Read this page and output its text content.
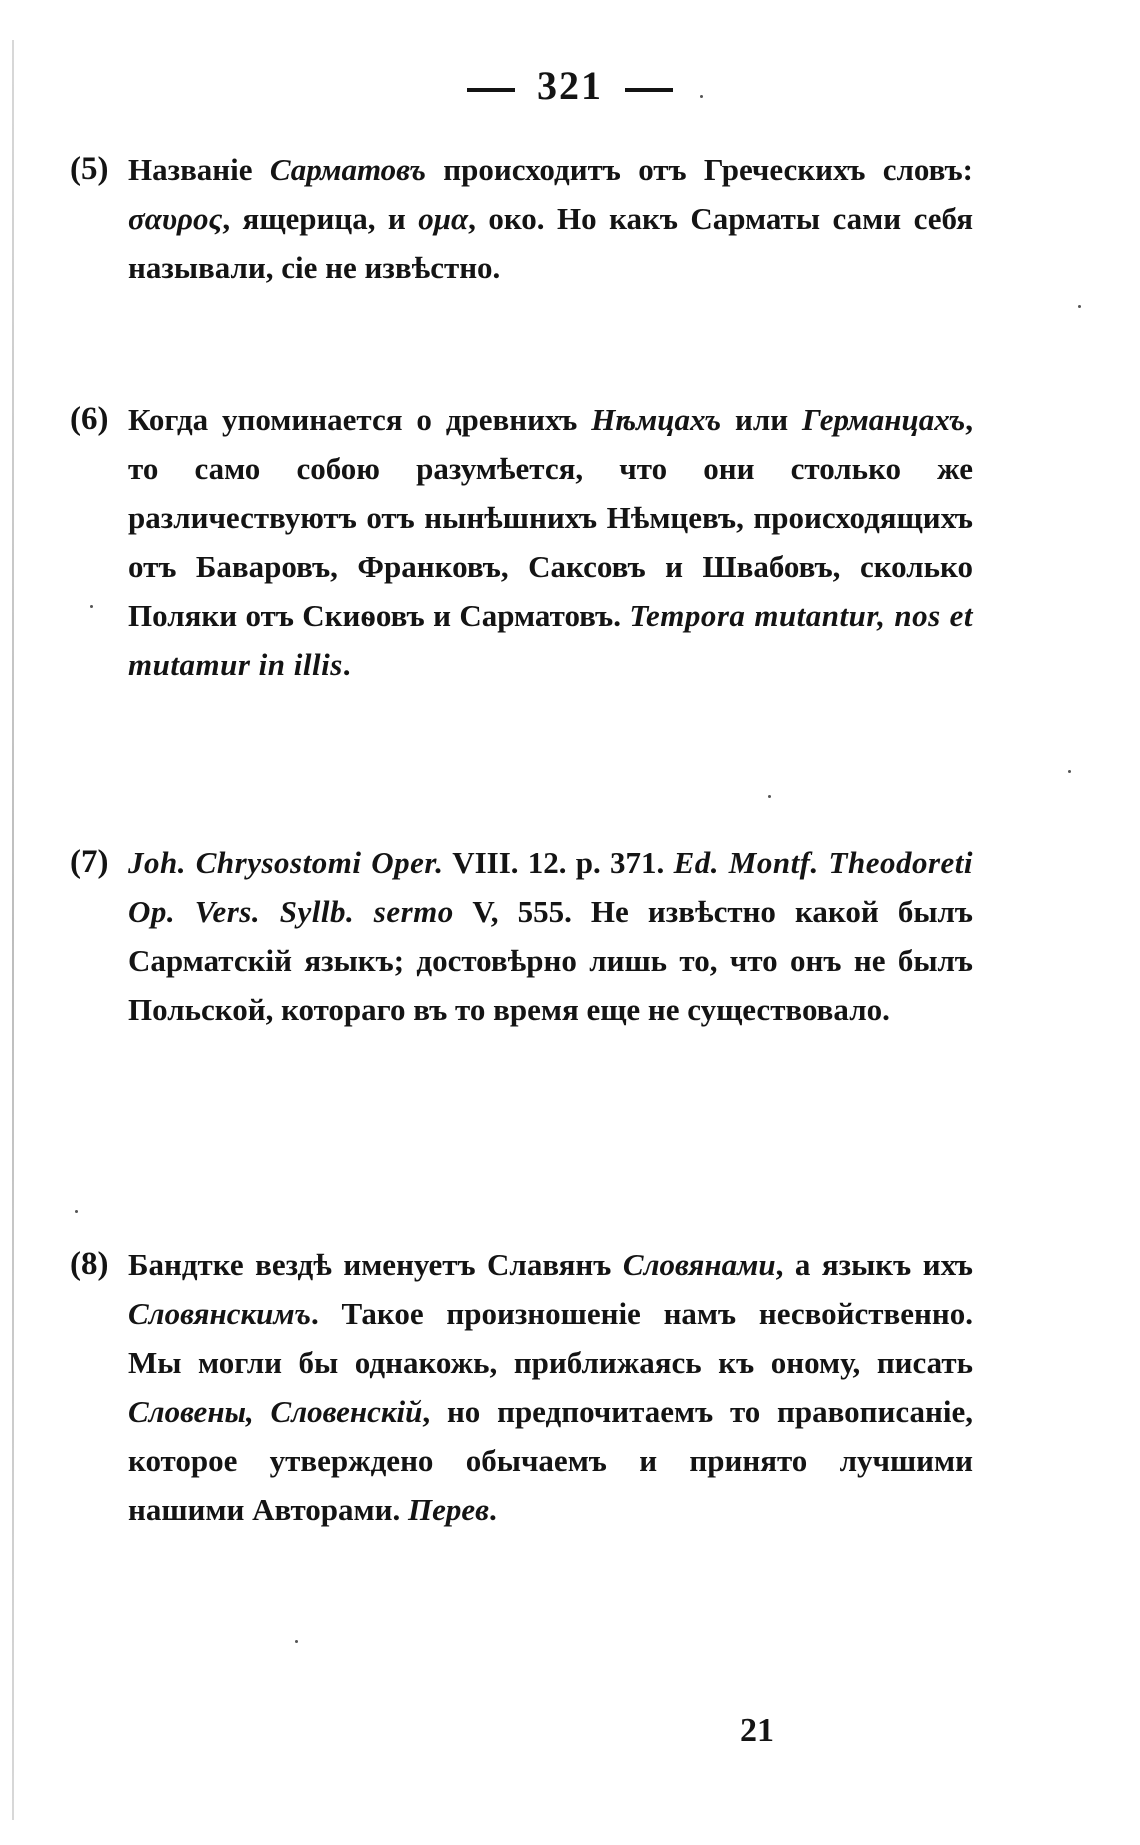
321
(5) Названіе Сарматовъ происходитъ отъ Греческихъ словъ: σαυρος, ящерица, и ομα, око. Но какъ Сарматы сами себя называли, сіе не извѣстно.
(6) Когда упоминается о древнихъ Нѣмцахъ или Германцахъ, то само собою разумѣется, что они столько же различествуютъ отъ нынѣшнихъ Нѣмцевъ, происходящихъ отъ Баваровъ, Франковъ, Саксовъ и Швабовъ, сколько Поляки отъ Скиѳовъ и Сарматовъ. Tempora mutantur, nos et mutamur in illis.
(7) Joh. Chrysostomi Oper. VIII. 12. p. 371. Ed. Montf. Theodoreti Op. Vers. Syllb. sermo V, 555. Не извѣстно какой былъ Сарматскій языкъ; достовѣрно лишь то, что онъ не былъ Польской, котораго въ то время еще не существовало.
(8) Бандтке вездѣ именуетъ Славянъ Словянами, а языкъ ихъ Словянскимъ. Такое произношеніе намъ несвойственно. Мы могли бы однакожь, приближаясь къ оному, писать Словены, Словенскій, но предпочитаемъ то правописаніе, которое утверждено обычаемъ и принято лучшими нашими Авторами. Перев.
21
